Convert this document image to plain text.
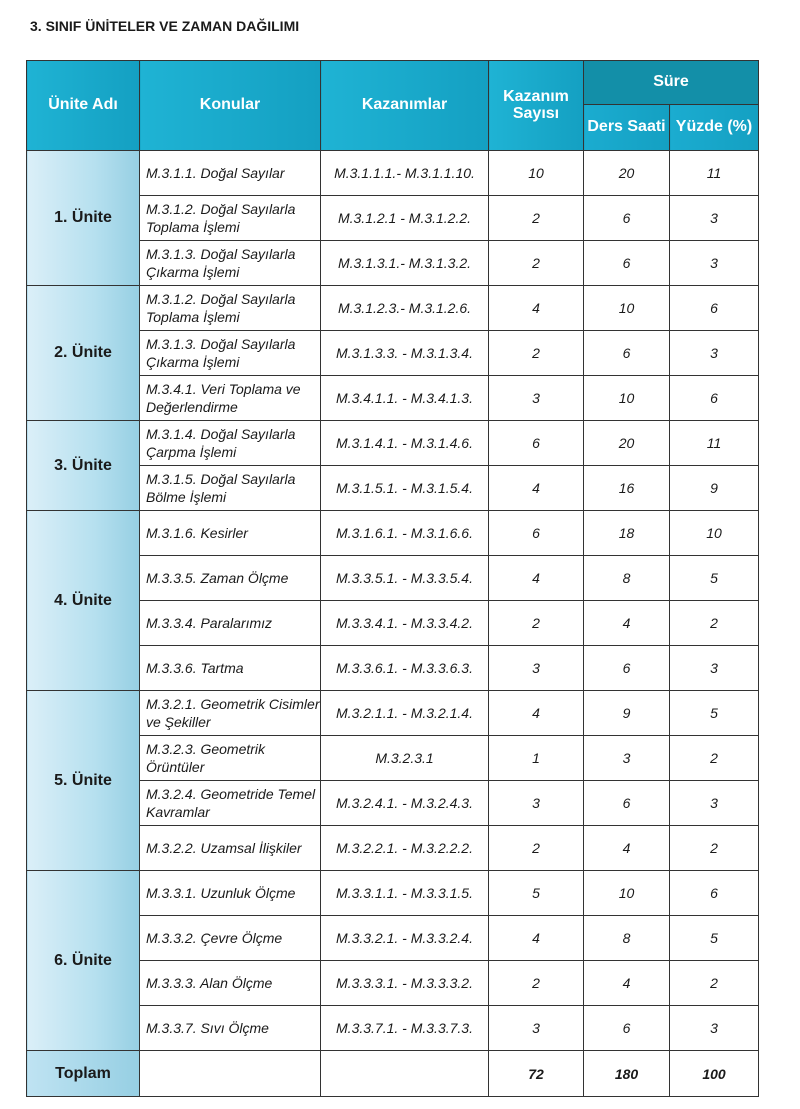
3. SINIF ÜNİTELER VE ZAMAN DAĞILIMI
Ünite Adı	Konular	Kazanımlar	Kazanım Sayısı	Süre	
				Ders Saati	Yüzde (%)
1. Ünite	M.3.1.1. Doğal Sayılar	M.3.1.1.1.- M.3.1.1.10.	10	20	11
	M.3.1.2. Doğal Sayılarla Toplama İşlemi	M.3.1.2.1 - M.3.1.2.2.	2	6	3
	M.3.1.3. Doğal Sayılarla Çıkarma İşlemi	M.3.1.3.1.- M.3.1.3.2.	2	6	3
2. Ünite	M.3.1.2. Doğal Sayılarla Toplama İşlemi	M.3.1.2.3.- M.3.1.2.6.	4	10	6
	M.3.1.3. Doğal Sayılarla Çıkarma İşlemi	M.3.1.3.3. - M.3.1.3.4.	2	6	3
	M.3.4.1. Veri Toplama ve Değerlendirme	M.3.4.1.1. - M.3.4.1.3.	3	10	6
3. Ünite	M.3.1.4. Doğal Sayılarla Çarpma İşlemi	M.3.1.4.1. - M.3.1.4.6.	6	20	11
	M.3.1.5. Doğal Sayılarla Bölme İşlemi	M.3.1.5.1. - M.3.1.5.4.	4	16	9
4. Ünite	M.3.1.6. Kesirler	M.3.1.6.1. - M.3.1.6.6.	6	18	10
	M.3.3.5. Zaman Ölçme	M.3.3.5.1. - M.3.3.5.4.	4	8	5
	M.3.3.4. Paralarımız	M.3.3.4.1. - M.3.3.4.2.	2	4	2
	M.3.3.6. Tartma	M.3.3.6.1. - M.3.3.6.3.	3	6	3
5. Ünite	M.3.2.1. Geometrik Cisimler ve Şekiller	M.3.2.1.1. - M.3.2.1.4.	4	9	5
	M.3.2.3. Geometrik Örüntüler	M.3.2.3.1	1	3	2
	M.3.2.4. Geometride Temel Kavramlar	M.3.2.4.1. - M.3.2.4.3.	3	6	3
	M.3.2.2. Uzamsal İlişkiler	M.3.2.2.1. - M.3.2.2.2.	2	4	2
6. Ünite	M.3.3.1. Uzunluk Ölçme	M.3.3.1.1. - M.3.3.1.5.	5	10	6
	M.3.3.2. Çevre Ölçme	M.3.3.2.1. - M.3.3.2.4.	4	8	5
	M.3.3.3. Alan Ölçme	M.3.3.3.1. - M.3.3.3.2.	2	4	2
	M.3.3.7. Sıvı Ölçme	M.3.3.7.1. - M.3.3.7.3.	3	6	3
Toplam			72	180	100
